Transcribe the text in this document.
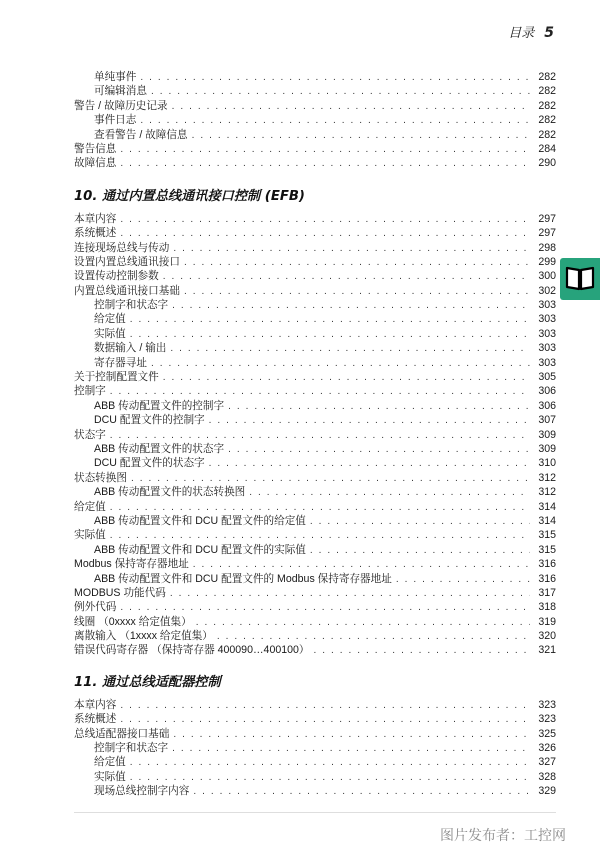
目录 5
单纯事件 . . .	282
可编辑消息 . . .	282
警告 / 故障历史记录 . . .	282
事件日志 . . .	282
查看警告 / 故障信息 . . .	282
警告信息 . . .	284
故障信息 . . .	290
10. 通过内置总线通讯接口控制 (EFB)
本章内容 . . .	297
系统概述 . . .	297
连接现场总线与传动 . . .	298
设置内置总线通讯接口 . . .	299
设置传动控制参数 . . .	300
内置总线通讯接口基础 . . .	302
控制字和状态字 . . .	303
给定值 . . .	303
实际值 . . .	303
数据输入 / 输出 . . .	303
寄存器寻址 . . .	303
关于控制配置文件 . . .	305
控制字 . . .	306
ABB 传动配置文件的控制字 . . .	306
DCU 配置文件的控制字 . . .	307
状态字 . . .	309
ABB 传动配置文件的状态字 . . .	309
DCU 配置文件的状态字 . . .	310
状态转换图 . . .	312
ABB 传动配置文件的状态转换图 . . .	312
给定值 . . .	314
ABB 传动配置文件和 DCU 配置文件的给定值 . . .	314
实际值 . . .	315
ABB 传动配置文件和 DCU 配置文件的实际值 . . .	315
Modbus 保持寄存器地址 . . .	316
ABB 传动配置文件和 DCU 配置文件的 Modbus 保持寄存器地址 . . .	316
MODBUS 功能代码 . . .	317
例外代码 . . .	318
线圈 （0xxxx 给定值集） . . .	319
离散输入 （1xxxx 给定值集） . . .	320
错误代码寄存器 （保持寄存器 400090…400100） . . .	321
11. 通过总线适配器控制
本章内容 . . .	323
系统概述 . . .	323
总线适配器接口基础 . . .	325
控制字和状态字 . . .	326
给定值 . . .	327
实际值 . . .	328
现场总线控制字内容 . . .	329
图片发布者：工控网
